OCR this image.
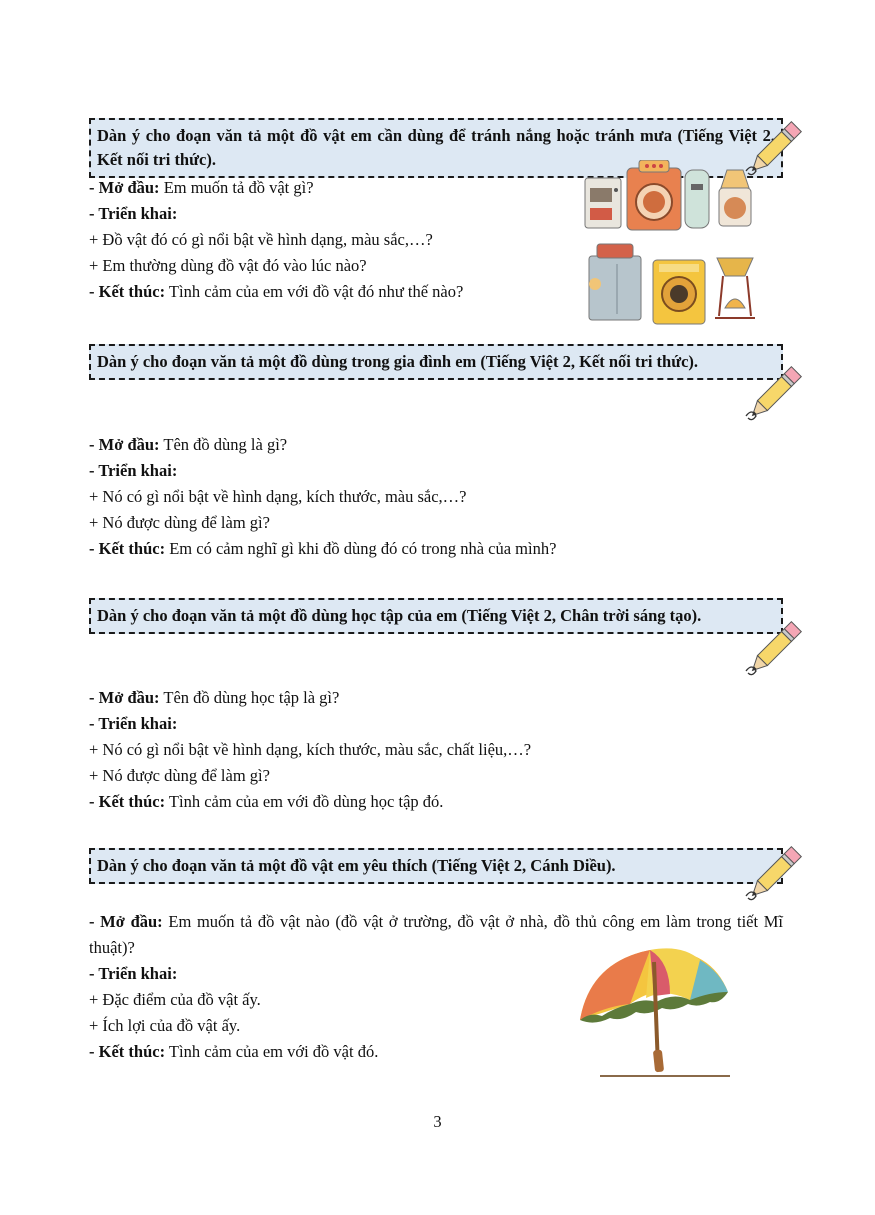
Dàn ý cho đoạn văn tả một đồ vật em cần dùng để tránh nắng hoặc tránh mưa (Tiếng Việt 2, Kết nối tri thức).
- Mở đầu: Em muốn tả đồ vật gì?
- Triển khai:
+ Đồ vật đó có gì nổi bật về hình dạng, màu sắc,…?
+ Em thường dùng đồ vật đó vào lúc nào?
- Kết thúc: Tình cảm của em với đồ vật đó như thế nào?
Dàn ý cho đoạn văn tả một đồ dùng trong gia đình em (Tiếng Việt 2, Kết nối tri thức).
- Mở đầu: Tên đồ dùng là gì?
- Triển khai:
+ Nó có gì nổi bật về hình dạng, kích thước, màu sắc,…?
+ Nó được dùng để làm gì?
- Kết thúc: Em có cảm nghĩ gì khi đồ dùng đó có trong nhà của mình?
Dàn ý cho đoạn văn tả một đồ dùng học tập của em (Tiếng Việt 2, Chân trời sáng tạo).
- Mở đầu: Tên đồ dùng học tập là gì?
- Triển khai:
+ Nó có gì nổi bật về hình dạng, kích thước, màu sắc, chất liệu,…?
+ Nó được dùng để làm gì?
- Kết thúc: Tình cảm của em với đồ dùng học tập đó.
Dàn ý cho đoạn văn tả một đồ vật em yêu thích (Tiếng Việt 2, Cánh Diều).
- Mở đầu: Em muốn tả đồ vật nào (đồ vật ở trường, đồ vật ở nhà, đồ thủ công em làm trong tiết Mĩ thuật)?
- Triển khai:
+ Đặc điểm của đồ vật ấy.
+ Ích lợi của đồ vật ấy.
- Kết thúc: Tình cảm của em với đồ vật đó.
3
